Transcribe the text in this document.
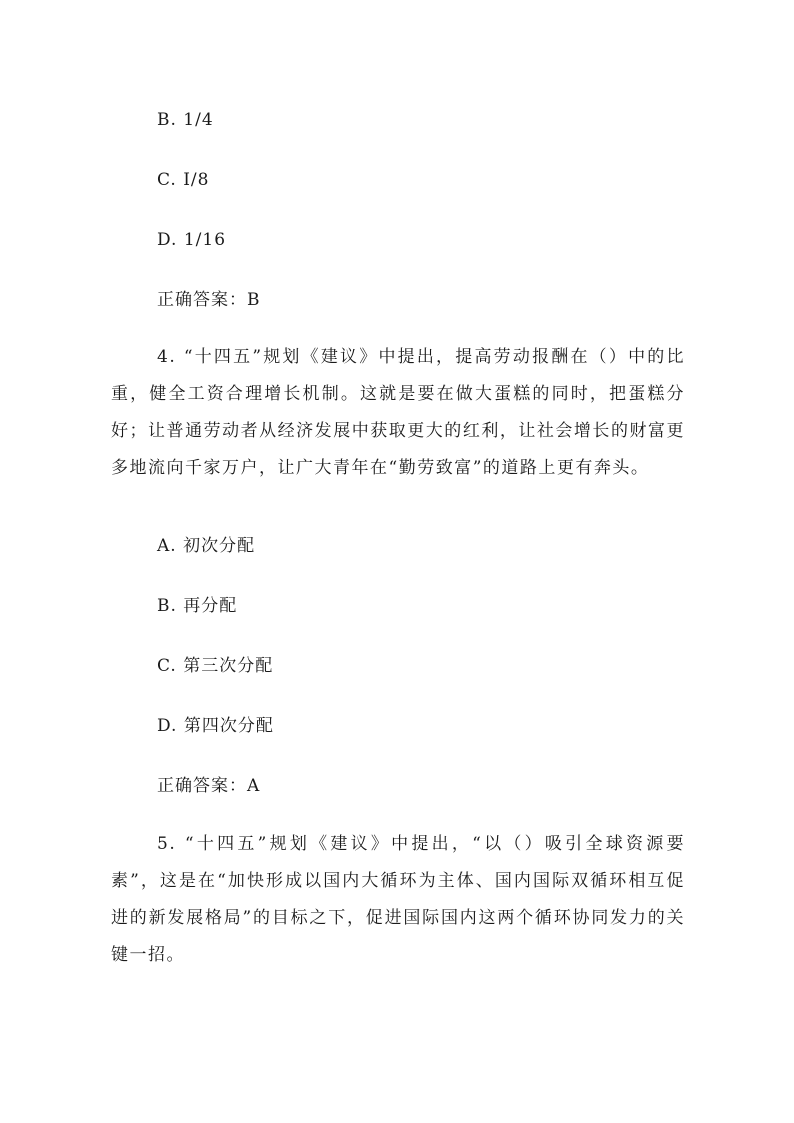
B. 1/4
C. I/8
D. 1/16
正确答案：B
4. “十四五”规划《建议》中提出，提高劳动报酬在（）中的比重，健全工资合理增长机制。这就是要在做大蛋糕的同时，把蛋糕分好；让普通劳动者从经济发展中获取更大的红利，让社会增长的财富更多地流向千家万户，让广大青年在“勤劳致富”的道路上更有奔头。
A. 初次分配
B. 再分配
C. 第三次分配
D. 第四次分配
正确答案：A
5. “十四五”规划《建议》中提出，“以（）吸引全球资源要素”，这是在“加快形成以国内大循环为主体、国内国际双循环相互促进的新发展格局”的目标之下，促进国际国内这两个循环协同发力的关键一招。
